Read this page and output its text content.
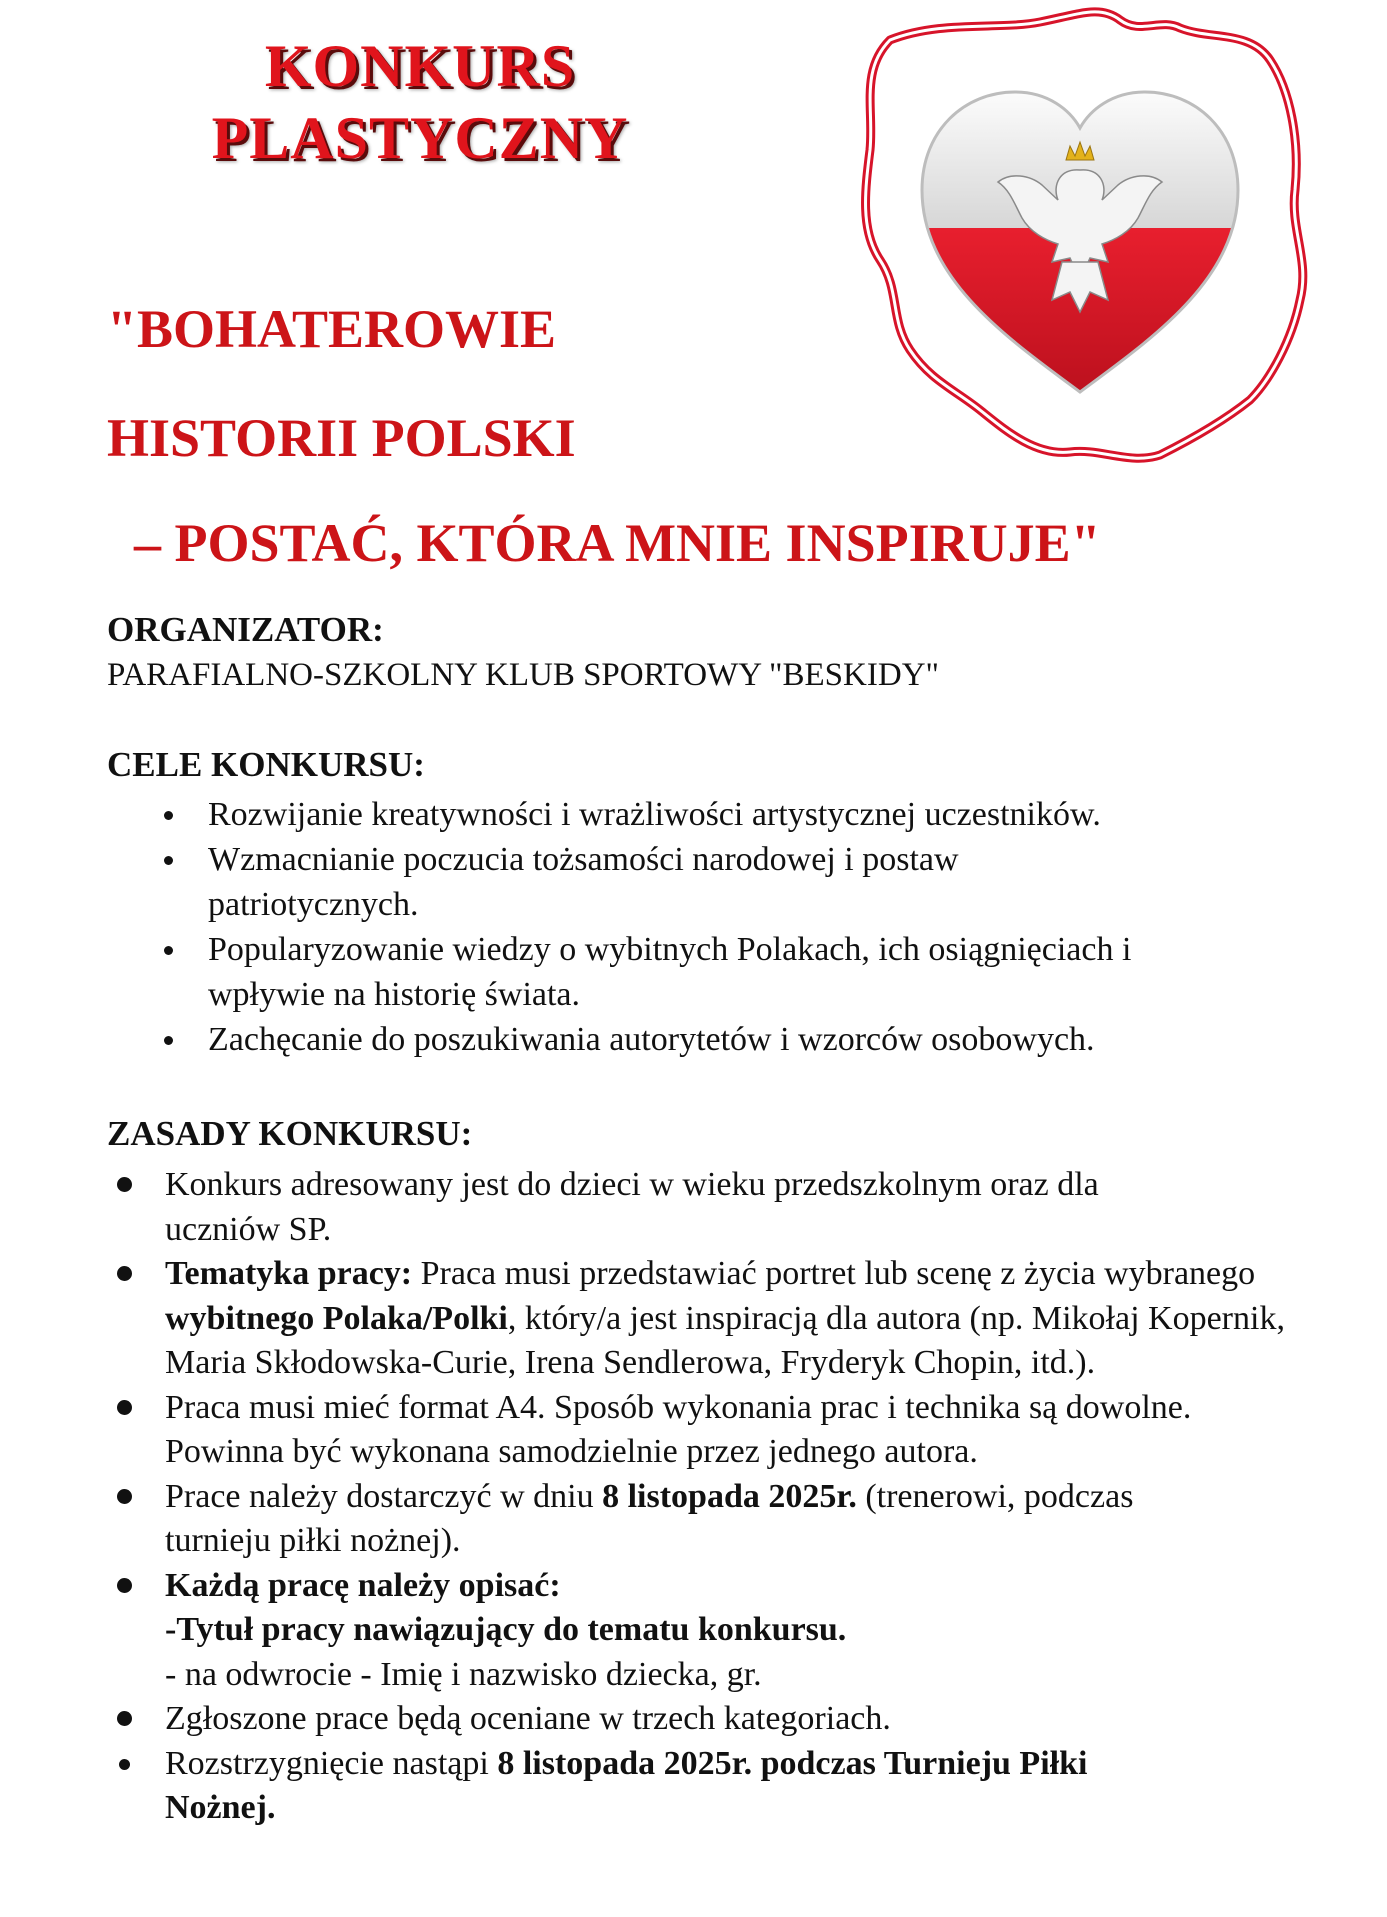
KONKURS
PLASTYCZNY
"BOHATEROWIE
HISTORII POLSKI
– POSTAĆ, KTÓRA MNIE INSPIRUJE"
ORGANIZATOR:
PARAFIALNO-SZKOLNY KLUB SPORTOWY "BESKIDY"
CELE KONKURSU:
Rozwijanie kreatywności i wrażliwości artystycznej uczestników.
Wzmacnianie poczucia tożsamości narodowej i postaw patriotycznych.
Popularyzowanie wiedzy o wybitnych Polakach, ich osiągnięciach i wpływie na historię świata.
Zachęcanie do poszukiwania autorytetów i wzorców osobowych.
ZASADY KONKURSU:
Konkurs adresowany jest do dzieci w wieku przedszkolnym oraz dla uczniów SP.
Tematyka pracy: Praca musi przedstawiać portret lub scenę z życia wybranego wybitnego Polaka/Polki, który/a jest inspiracją dla autora (np. Mikołaj Kopernik, Maria Skłodowska-Curie, Irena Sendlerowa, Fryderyk Chopin, itd.).
Praca musi mieć format A4. Sposób wykonania prac i technika są dowolne. Powinna być wykonana samodzielnie przez jednego autora.
Prace należy dostarczyć w dniu 8 listopada 2025r. (trenerowi, podczas turnieju piłki nożnej).
Każdą pracę należy opisać:
-Tytuł pracy nawiązujący do tematu konkursu.
- na odwrocie - Imię i nazwisko dziecka, gr.
Zgłoszone prace będą oceniane w trzech kategoriach.
Rozstrzygnięcie nastąpi 8 listopada 2025r. podczas Turnieju Piłki Nożnej.
